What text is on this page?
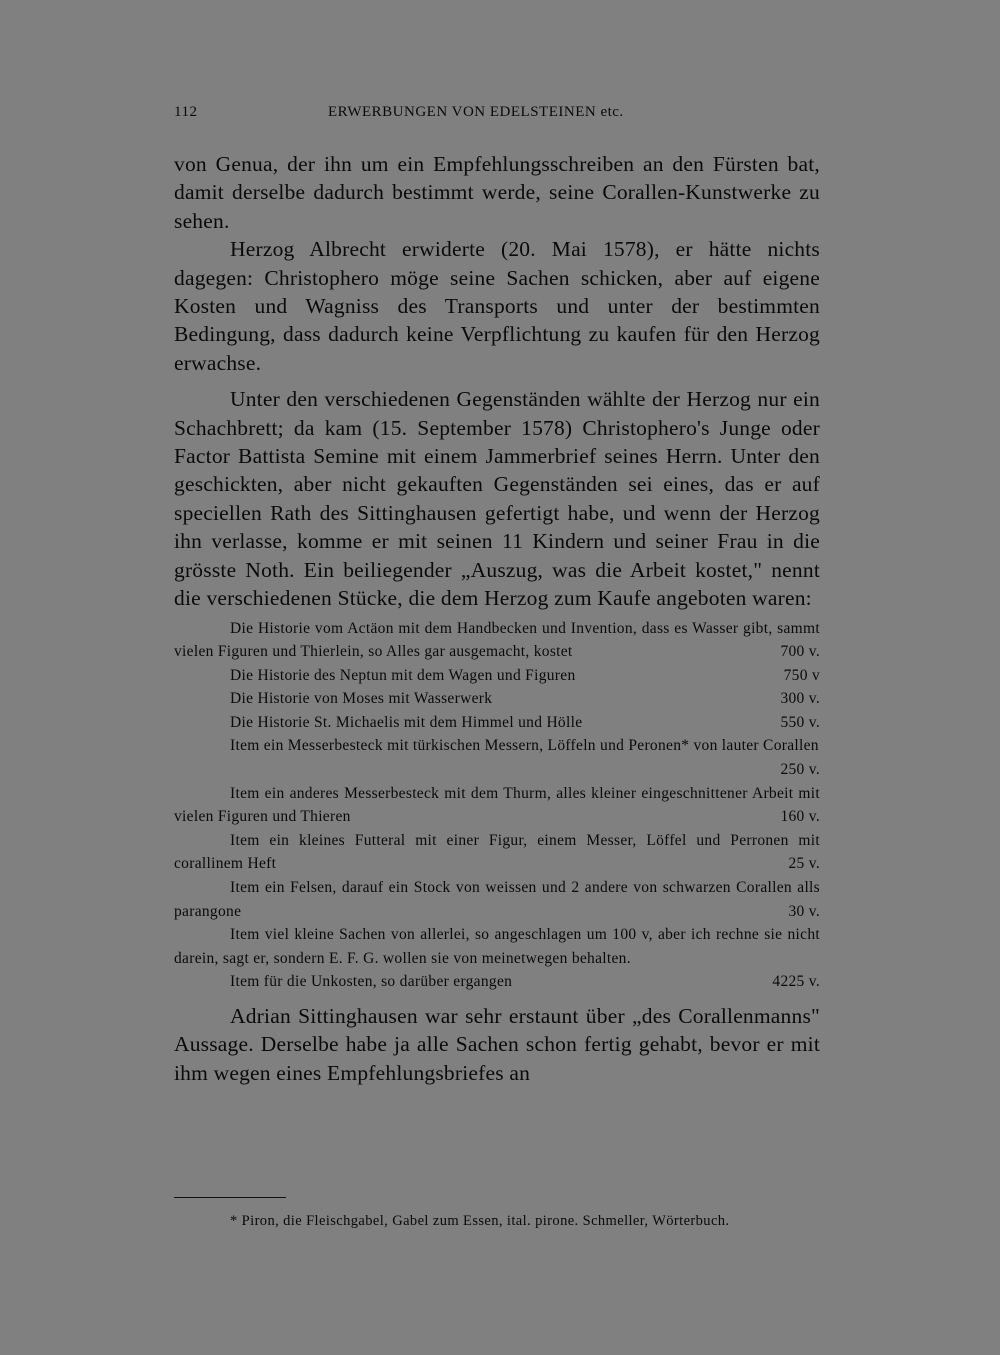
112	ERWERBUNGEN VON EDELSTEINEN etc.

von Genua, der ihn um ein Empfehlungsschreiben an den Fürsten bat, damit derselbe dadurch bestimmt werde, seine Corallen-Kunstwerke zu sehen.

Herzog Albrecht erwiderte (20. Mai 1578), er hätte nichts dagegen: Christophero möge seine Sachen schicken, aber auf eigene Kosten und Wagniss des Transports und unter der bestimmten Bedingung, dass dadurch keine Verpflichtung zu kaufen für den Herzog erwachse.

Unter den verschiedenen Gegenständen wählte der Herzog nur ein Schachbrett; da kam (15. September 1578) Christophero's Junge oder Factor Battista Semine mit einem Jammerbrief seines Herrn. Unter den geschickten, aber nicht gekauften Gegenständen sei eines, das er auf speciellen Rath des Sittinghausen gefertigt habe, und wenn der Herzog ihn verlasse, komme er mit seinen 11 Kindern und seiner Frau in die grösste Noth. Ein beiliegender „Auszug, was die Arbeit kostet," nennt die verschiedenen Stücke, die dem Herzog zum Kaufe angeboten waren:

Die Historie vom Actäon mit dem Handbecken und Invention, dass es Wasser gibt, sammt vielen Figuren und Thierlein, so Alles gar ausgemacht, kostet	700 v.
Die Historie des Neptun mit dem Wagen und Figuren	750 v
Die Historie von Moses mit Wasserwerk	300 v.
Die Historie St. Michaelis mit dem Himmel und Hölle	550 v.
Item ein Messerbesteck mit türkischen Messern, Löffeln und Peronen* von lauter Corallen
250 v.
Item ein anderes Messerbesteck mit dem Thurm, alles kleiner eingeschnittener Arbeit mit vielen Figuren und Thieren	160 v.
Item ein kleines Futteral mit einer Figur, einem Messer, Löffel und Perronen mit corallinem Heft	25 v.
Item ein Felsen, darauf ein Stock von weissen und 2 andere von schwarzen Corallen alls parangone	30 v.
Item viel kleine Sachen von allerlei, so angeschlagen um 100 v, aber ich rechne sie nicht darein, sagt er, sondern E. F. G. wollen sie von meinetwegen behalten.
Item für die Unkosten, so darüber ergangen	4225 v.

Adrian Sittinghausen war sehr erstaunt über „des Corallenmanns" Aussage. Derselbe habe ja alle Sachen schon fertig gehabt, bevor er mit ihm wegen eines Empfehlungsbriefes an

* Piron, die Fleischgabel, Gabel zum Essen, ital. pirone. Schmeller, Wörterbuch.
